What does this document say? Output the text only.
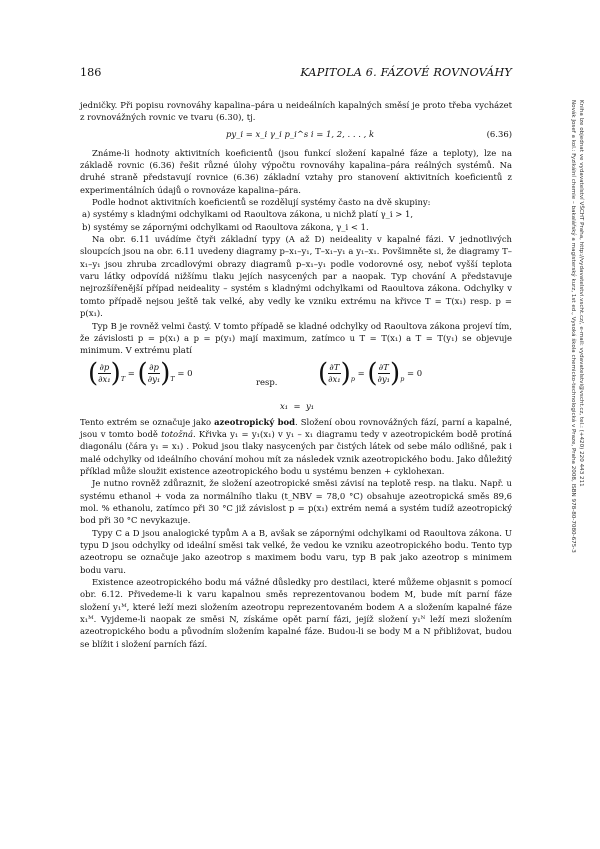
186	KAPITOLA 6. FÁZOVÉ ROVNOVÁHY

jedničky. Při popisu rovnováhy kapalina–pára u neideálních kapalných směsí je proto třeba vycházet z rovnovážných rovnic ve tvaru (6.30), tj.

py_i = x_i γ_i p_i^s i = 1, 2, . . . , k	(6.36)

Známe-li hodnoty aktivitních koeficientů (jsou funkcí složení kapalné fáze a teploty), lze na základě rovnic (6.36) řešit různé úlohy výpočtu rovnováhy kapalina–pára reálných systémů. Na druhé straně představují rovnice (6.36) základní vztahy pro stanovení aktivitních koeficientů z experimentálních údajů o rovnováze kapalina–pára.

Podle hodnot aktivitních koeficientů se rozdělují systémy často na dvě skupiny:

a) systémy s kladnými odchylkami od Raoultova zákona, u nichž platí γ_i > 1,

b) systémy se zápornými odchylkami od Raoultova zákona, γ_i < 1.

Na obr. 6.11 uvádíme čtyři základní typy (A až D) neideality v kapalné fázi. V jednotlivých sloupcích jsou na obr. 6.11 uvedeny diagramy p–x₁–y₁, T–x₁–y₁ a y₁–x₁. Povšimněte si, že diagramy T–x₁–y₁ jsou zhruba zrcadlovými obrazy diagramů p–x₁–y₁ podle vodorovné osy, neboť vyšší teplota varu látky odpovídá nižšímu tlaku jejích nasycených par a naopak. Typ chování A představuje nejrozšířenější případ neideality – systém s kladnými odchylkami od Raoultova zákona. Odchylky v tomto případě nejsou ještě tak velké, aby vedly ke vzniku extrému na křivce T = T(x₁) resp. p = p(x₁).

Typ B je rovněž velmi častý. V tomto případě se kladné odchylky od Raoultova zákona projeví tím, že závislosti p = p(x₁) a p = p(y₁) mají maximum, zatímco u T = T(x₁) a T = T(y₁) se objevuje minimum. V extrému platí

( $\frac{\partial p}{\text{∂x₁}} )_T$ = ( $\frac{\partial p}{\text{∂y₁}} )_T = 0$
resp. ( $\frac{\partial T}{\text{∂x₁}} )_p$ = ( $\frac{\partial T}{\text{∂y₁}} )_p = 0$
x₁  =  y₁

Tento extrém se označuje jako azeotropický bod. Složení obou rovnovážných fází, parní a kapalné, jsou v tomto bodě totožná. Křivka y₁ = y₁(x₁) v y₁ – x₁ diagramu tedy v azeotropickém bodě protíná diagonálu (čára y₁ = x₁) . Pokud jsou tlaky nasycených par čistých látek od sebe málo odlišné, pak i malé odchylky od ideálního chování mohou mít za následek vznik azeotropického bodu. Jako důležitý příklad může sloužit existence azeotropického bodu u systému benzen + cyklohexan.

Je nutno rovněž zdůraznit, že složení azeotropické směsi závisí na teplotě resp. na tlaku. Např. u systému ethanol + voda za normálního tlaku (t_NBV = 78,0 °C) obsahuje azeotropická směs 89,6 mol. % ethanolu, zatímco při 30 °C již závislost p = p(x₁) extrém nemá a systém tudíž azeotropický bod při 30 °C nevykazuje.

Typy C a D jsou analogické typům A a B, avšak se zápornými odchylkami od Raoultova zákona. U typu D jsou odchylky od ideální směsi tak velké, že vedou ke vzniku azeotropického bodu. Tento typ azeotropu se označuje jako azeotrop s maximem bodu varu, typ B pak jako azeotrop s minimem bodu varu.

Existence azeotropického bodu má vážné důsledky pro destilaci, které můžeme objasnit s pomocí obr. 6.12. Přivedeme-li k varu kapalnou směs reprezentovanou bodem M, bude mít parní fáze složení y₁ᴹ, které leží mezi složením azeotropu reprezentovaném bodem A a složením kapalné fáze x₁ᴹ. Vyjdeme-li naopak ze směsi N, získáme opět parní fázi, jejíž složení y₁ᴺ leží mezi složením azeotropického bodu a původním složením kapalné fáze. Budou-li se body M a N přibližovat, budou se blížit i složení parních fází.

Novák Josef a kol.: Fyzikální chemie – bakalářský a magisterský kurz, 1st ed., Vysoká škola chemicko-technologická v Praze, Praha 2008, ISBN 978-80-7080-675-3 Kniha lze objednat ve vydavatelství VŠCHT Praha, http://vydavatelstvi.vscht.cz/, e-mail: vydavatelstvi@vscht.cz, tel.: (+420) 220 443 211
